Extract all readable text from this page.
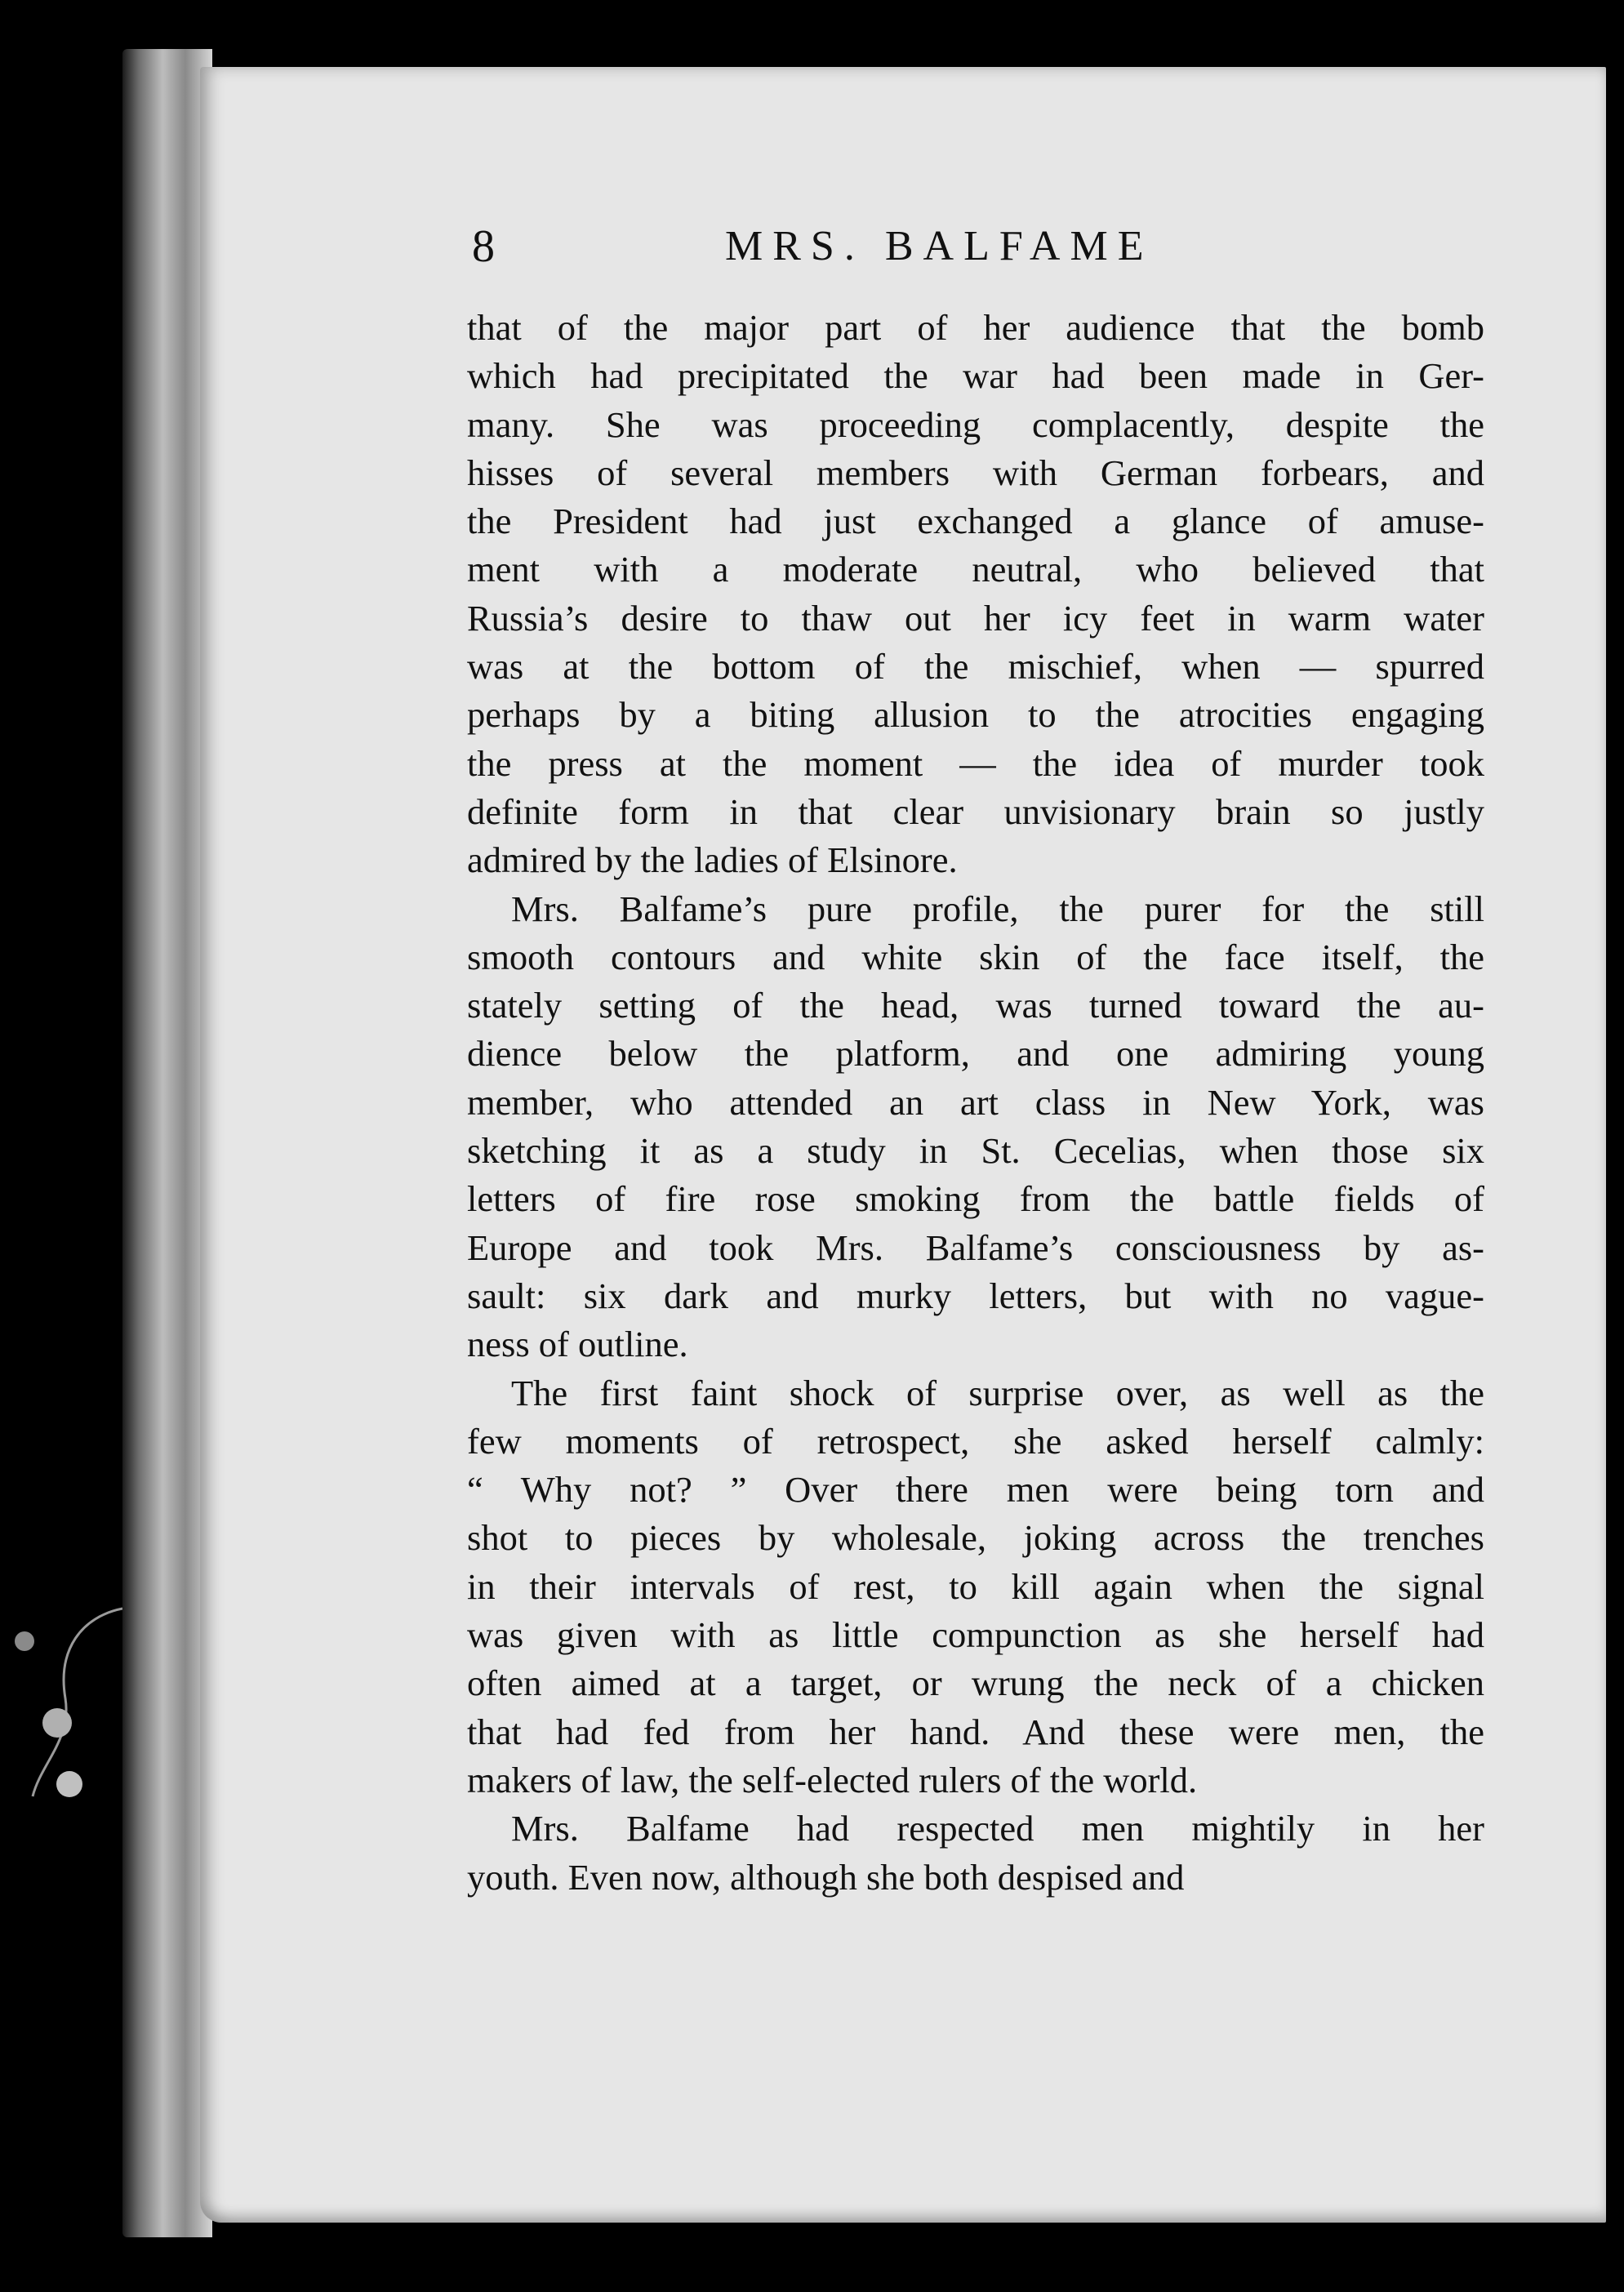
8	MRS. BALFAME
that of the major part of her audience that the bomb
which had precipitated the war had been made in Ger-
many. She was proceeding complacently, despite the
hisses of several members with German forbears, and
the President had just exchanged a glance of amuse-
ment with a moderate neutral, who believed that
Russia’s desire to thaw out her icy feet in warm water
was at the bottom of the mischief, when — spurred
perhaps by a biting allusion to the atrocities engaging
the press at the moment — the idea of murder took
definite form in that clear unvisionary brain so justly
admired by the ladies of Elsinore.
Mrs. Balfame’s pure profile, the purer for the still
smooth contours and white skin of the face itself, the
stately setting of the head, was turned toward the au-
dience below the platform, and one admiring young
member, who attended an art class in New York, was
sketching it as a study in St. Cecelias, when those six
letters of fire rose smoking from the battle fields of
Europe and took Mrs. Balfame’s consciousness by as-
sault: six dark and murky letters, but with no vague-
ness of outline.
The first faint shock of surprise over, as well as the
few moments of retrospect, she asked herself calmly:
“ Why not? ” Over there men were being torn and
shot to pieces by wholesale, joking across the trenches
in their intervals of rest, to kill again when the signal
was given with as little compunction as she herself had
often aimed at a target, or wrung the neck of a chicken
that had fed from her hand. And these were men, the
makers of law, the self-elected rulers of the world.
Mrs. Balfame had respected men mightily in her
youth. Even now, although she both despised and
